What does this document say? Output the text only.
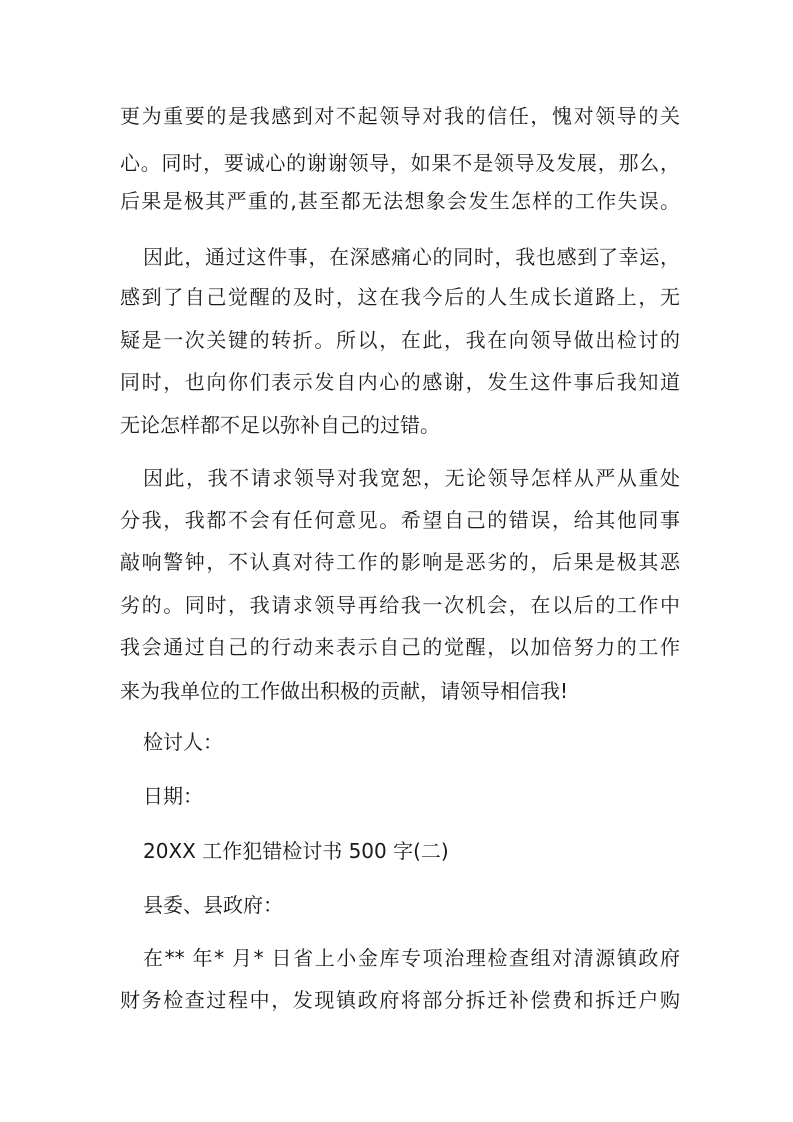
更为重要的是我感到对不起领导对我的信任，愧对领导的关
心。同时，要诚心的谢谢领导，如果不是领导及发展，那么，
后果是极其严重的,甚至都无法想象会发生怎样的工作失误。
因此，通过这件事，在深感痛心的同时，我也感到了幸运，
感到了自己觉醒的及时，这在我今后的人生成长道路上，无
疑是一次关键的转折。所以，在此，我在向领导做出检讨的
同时，也向你们表示发自内心的感谢，发生这件事后我知道
无论怎样都不足以弥补自己的过错。
因此，我不请求领导对我宽恕，无论领导怎样从严从重处
分我，我都不会有任何意见。希望自己的错误，给其他同事
敲响警钟，不认真对待工作的影响是恶劣的，后果是极其恶
劣的。同时，我请求领导再给我一次机会，在以后的工作中
我会通过自己的行动来表示自己的觉醒，以加倍努力的工作
来为我单位的工作做出积极的贡献，请领导相信我!
检讨人：
日期：
20XX 工作犯错检讨书 500 字(二)
县委、县政府：
在** 年* 月* 日省上小金库专项治理检查组对清源镇政府
财务检查过程中，发现镇政府将部分拆迁补偿费和拆迁户购
